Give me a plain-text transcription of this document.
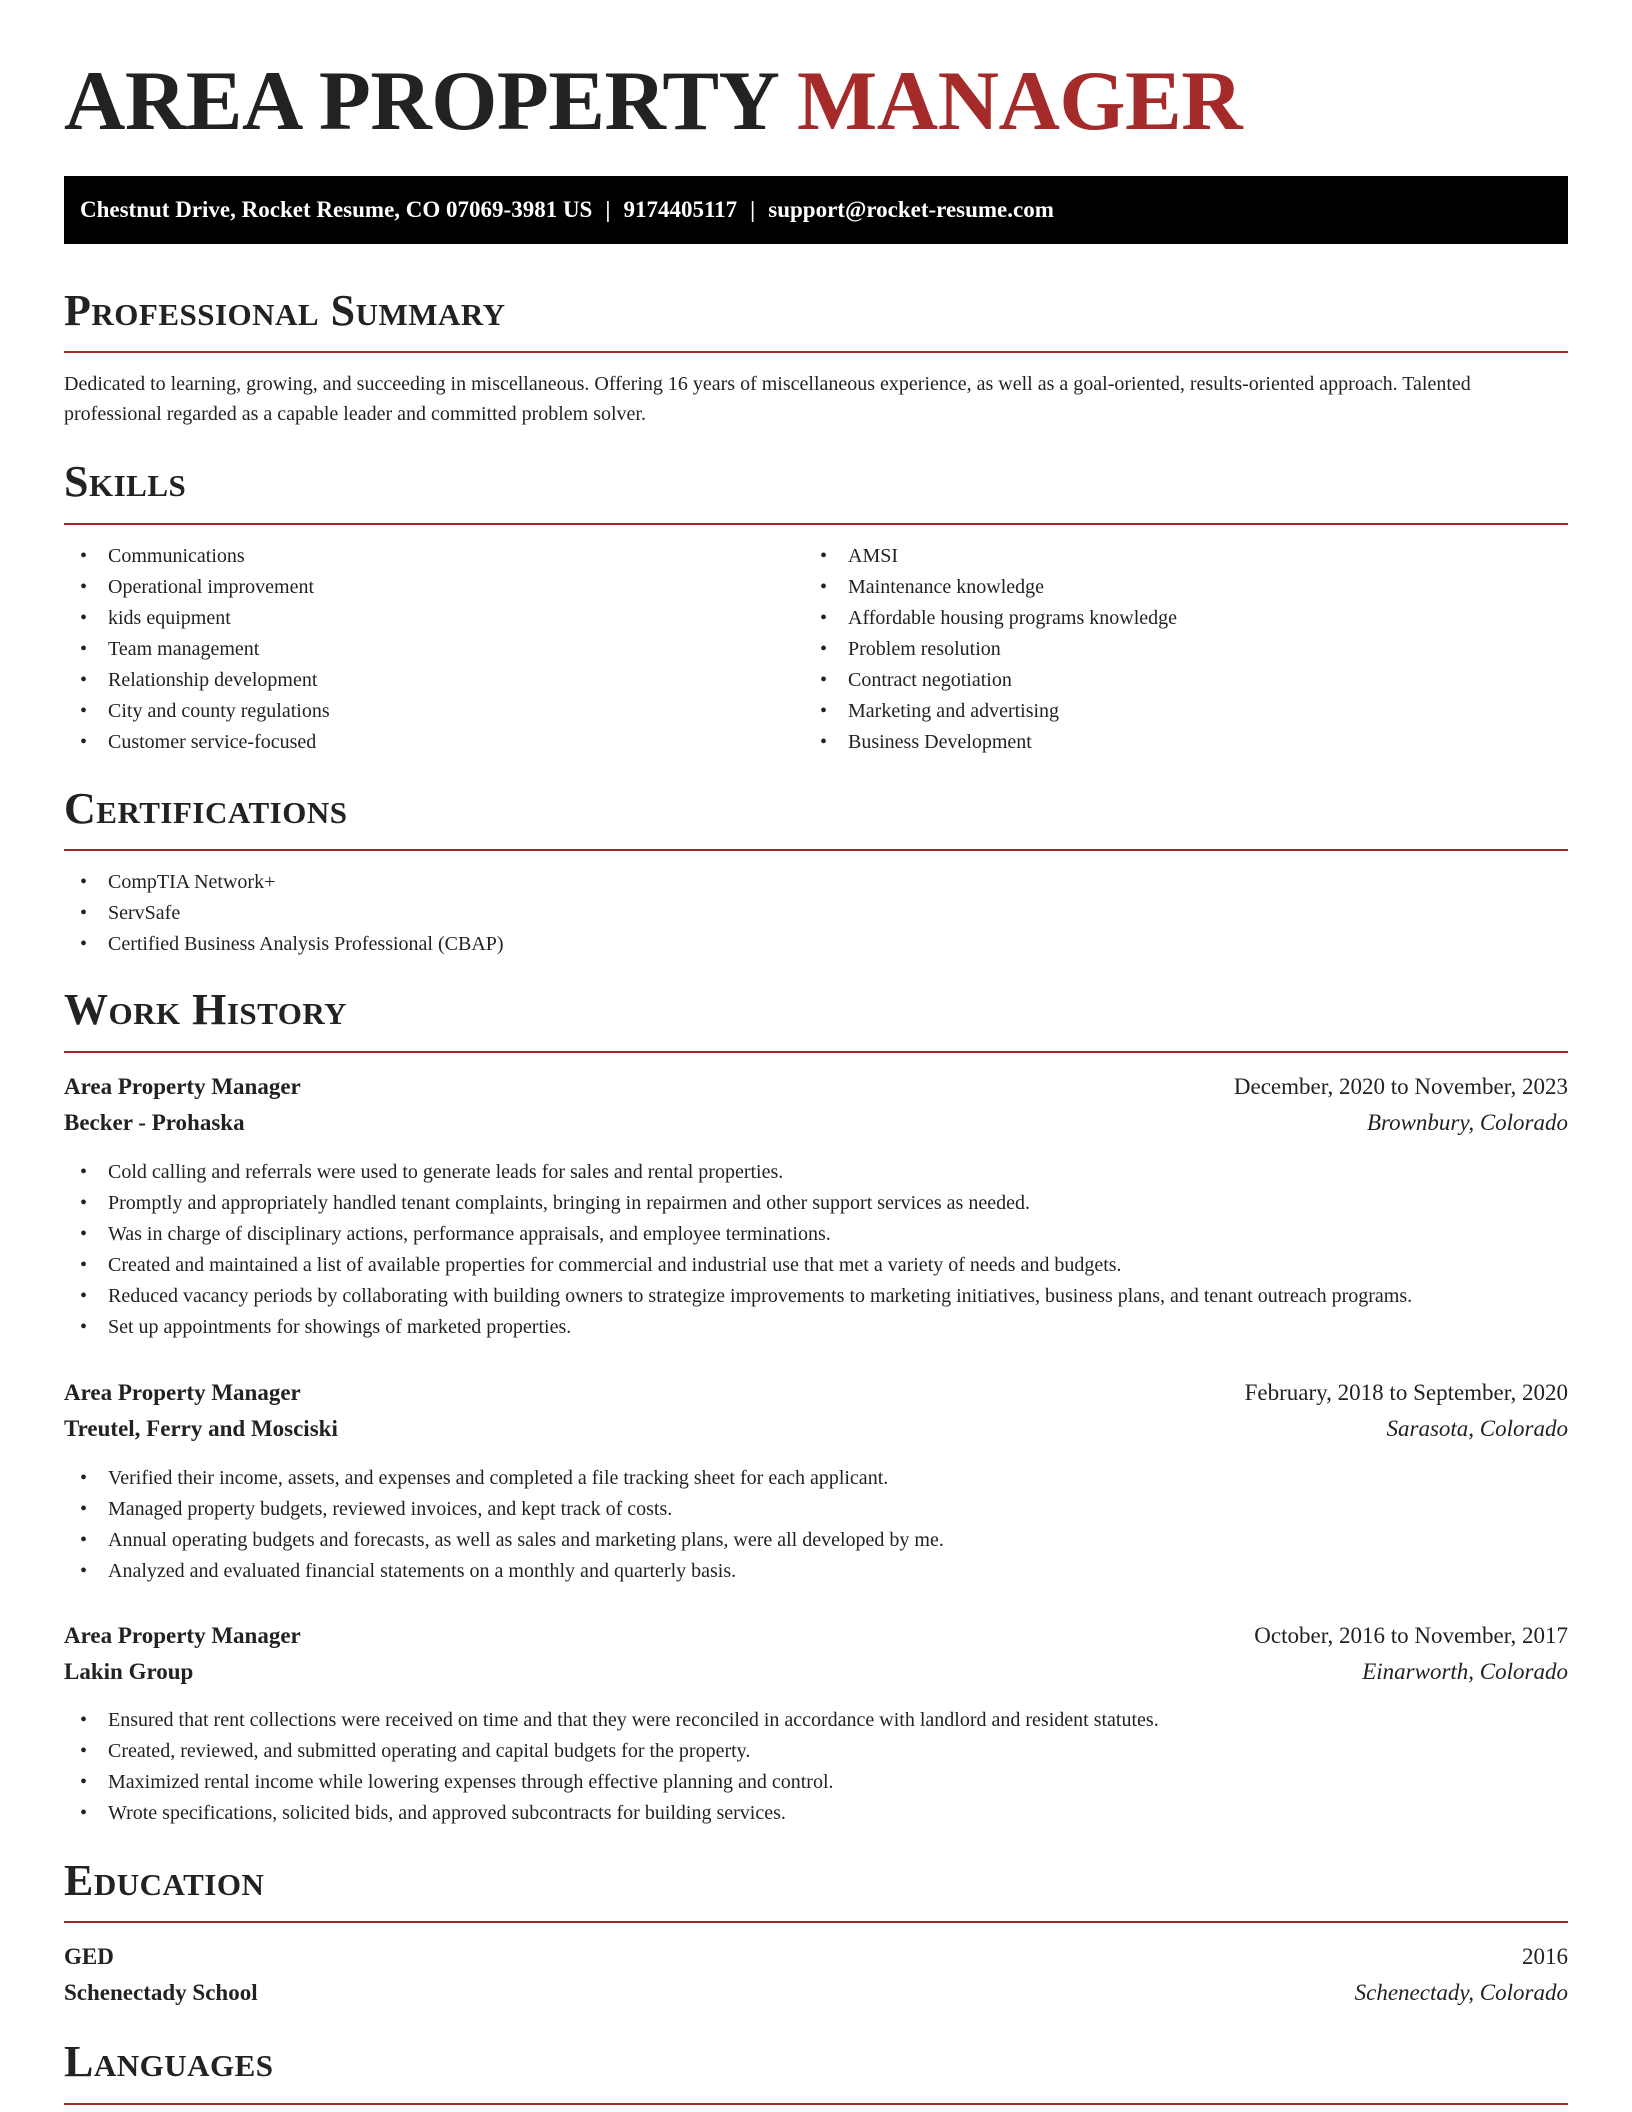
AREA PROPERTY MANAGER
Chestnut Drive, Rocket Resume, CO 07069-3981 US | 9174405117 | support@rocket-resume.com
Professional Summary
Dedicated to learning, growing, and succeeding in miscellaneous. Offering 16 years of miscellaneous experience, as well as a goal-oriented, results-oriented approach. Talented professional regarded as a capable leader and committed problem solver.
Skills
• Communications
• Operational improvement
• kids equipment
• Team management
• Relationship development
• City and county regulations
• Customer service-focused
• AMSI
• Maintenance knowledge
• Affordable housing programs knowledge
• Problem resolution
• Contract negotiation
• Marketing and advertising
• Business Development
Certifications
• CompTIA Network+
• ServSafe
• Certified Business Analysis Professional (CBAP)
Work History
Area Property Manager	December, 2020 to November, 2023
Becker - Prohaska	Brownbury, Colorado
• Cold calling and referrals were used to generate leads for sales and rental properties.
• Promptly and appropriately handled tenant complaints, bringing in repairmen and other support services as needed.
• Was in charge of disciplinary actions, performance appraisals, and employee terminations.
• Created and maintained a list of available properties for commercial and industrial use that met a variety of needs and budgets.
• Reduced vacancy periods by collaborating with building owners to strategize improvements to marketing initiatives, business plans, and tenant outreach programs.
• Set up appointments for showings of marketed properties.
Area Property Manager	February, 2018 to September, 2020
Treutel, Ferry and Mosciski	Sarasota, Colorado
• Verified their income, assets, and expenses and completed a file tracking sheet for each applicant.
• Managed property budgets, reviewed invoices, and kept track of costs.
• Annual operating budgets and forecasts, as well as sales and marketing plans, were all developed by me.
• Analyzed and evaluated financial statements on a monthly and quarterly basis.
Area Property Manager	October, 2016 to November, 2017
Lakin Group	Einarworth, Colorado
• Ensured that rent collections were received on time and that they were reconciled in accordance with landlord and resident statutes.
• Created, reviewed, and submitted operating and capital budgets for the property.
• Maximized rental income while lowering expenses through effective planning and control.
• Wrote specifications, solicited bids, and approved subcontracts for building services.
Education
GED	2016
Schenectady School	Schenectady, Colorado
Languages
